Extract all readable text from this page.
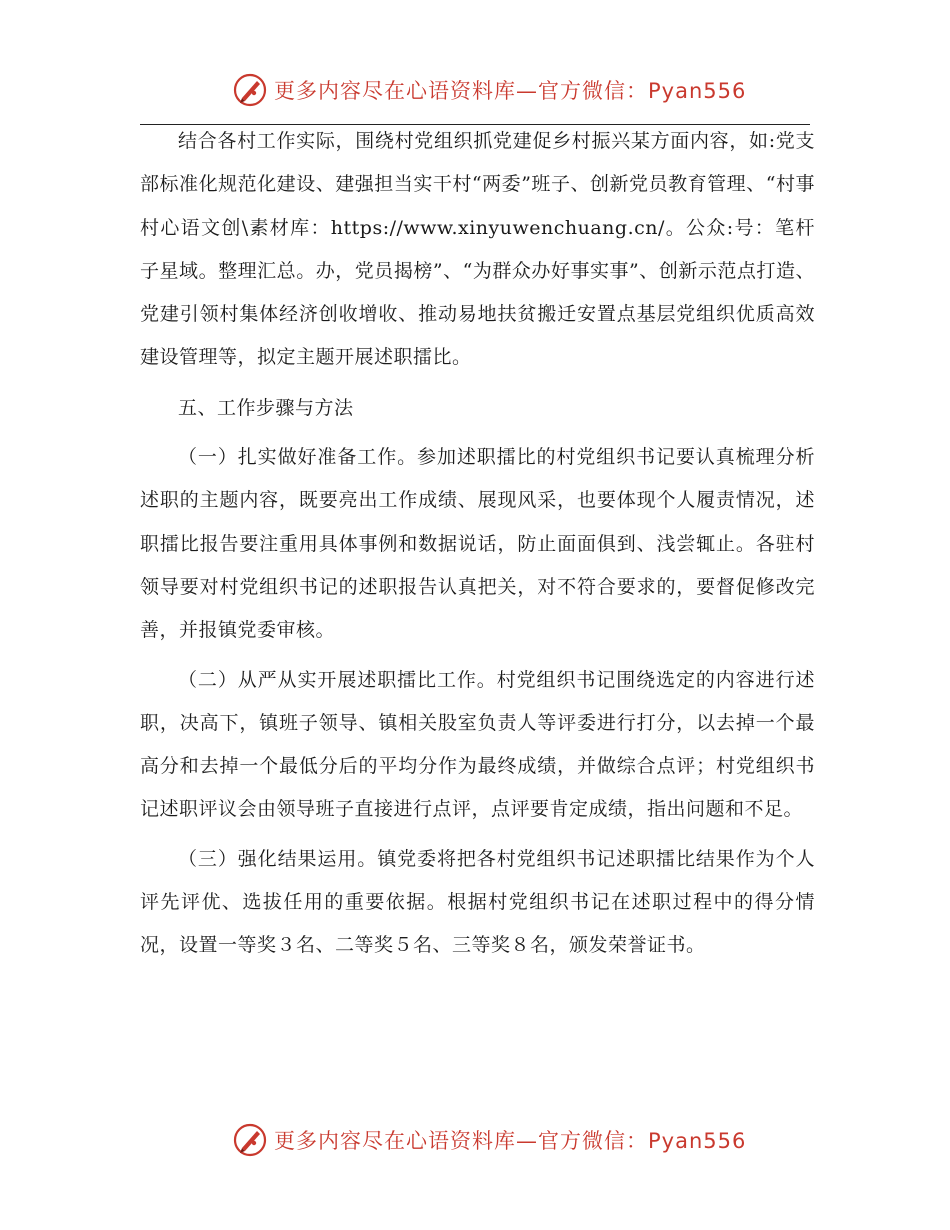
更多内容尽在心语资料库—官方微信：Pyan556

结合各村工作实际，围绕村党组织抓党建促乡村振兴某方面内容，如:党支部标准化规范化建设、建强担当实干村“两委”班子、创新党员教育管理、“村事村心语文创\素材库：https://www.xinyuwenchuang.cn/。公众:号：笔杆子星域。整理汇总。办，党员揭榜”、“为群众办好事实事”、创新示范点打造、党建引领村集体经济创收增收、推动易地扶贫搬迁安置点基层党组织优质高效建设管理等，拟定主题开展述职擂比。

五、工作步骤与方法

（一）扎实做好准备工作。参加述职擂比的村党组织书记要认真梳理分析述职的主题内容，既要亮出工作成绩、展现风采，也要体现个人履责情况，述职擂比报告要注重用具体事例和数据说话，防止面面俱到、浅尝辄止。各驻村领导要对村党组织书记的述职报告认真把关，对不符合要求的，要督促修改完善，并报镇党委审核。

（二）从严从实开展述职擂比工作。村党组织书记围绕选定的内容进行述职，决高下，镇班子领导、镇相关股室负责人等评委进行打分，以去掉一个最高分和去掉一个最低分后的平均分作为最终成绩，并做综合点评；村党组织书记述职评议会由领导班子直接进行点评，点评要肯定成绩，指出问题和不足。

（三）强化结果运用。镇党委将把各村党组织书记述职擂比结果作为个人评先评优、选拔任用的重要依据。根据村党组织书记在述职过程中的得分情况，设置一等奖３名、二等奖５名、三等奖８名，颁发荣誉证书。

更多内容尽在心语资料库—官方微信：Pyan556
